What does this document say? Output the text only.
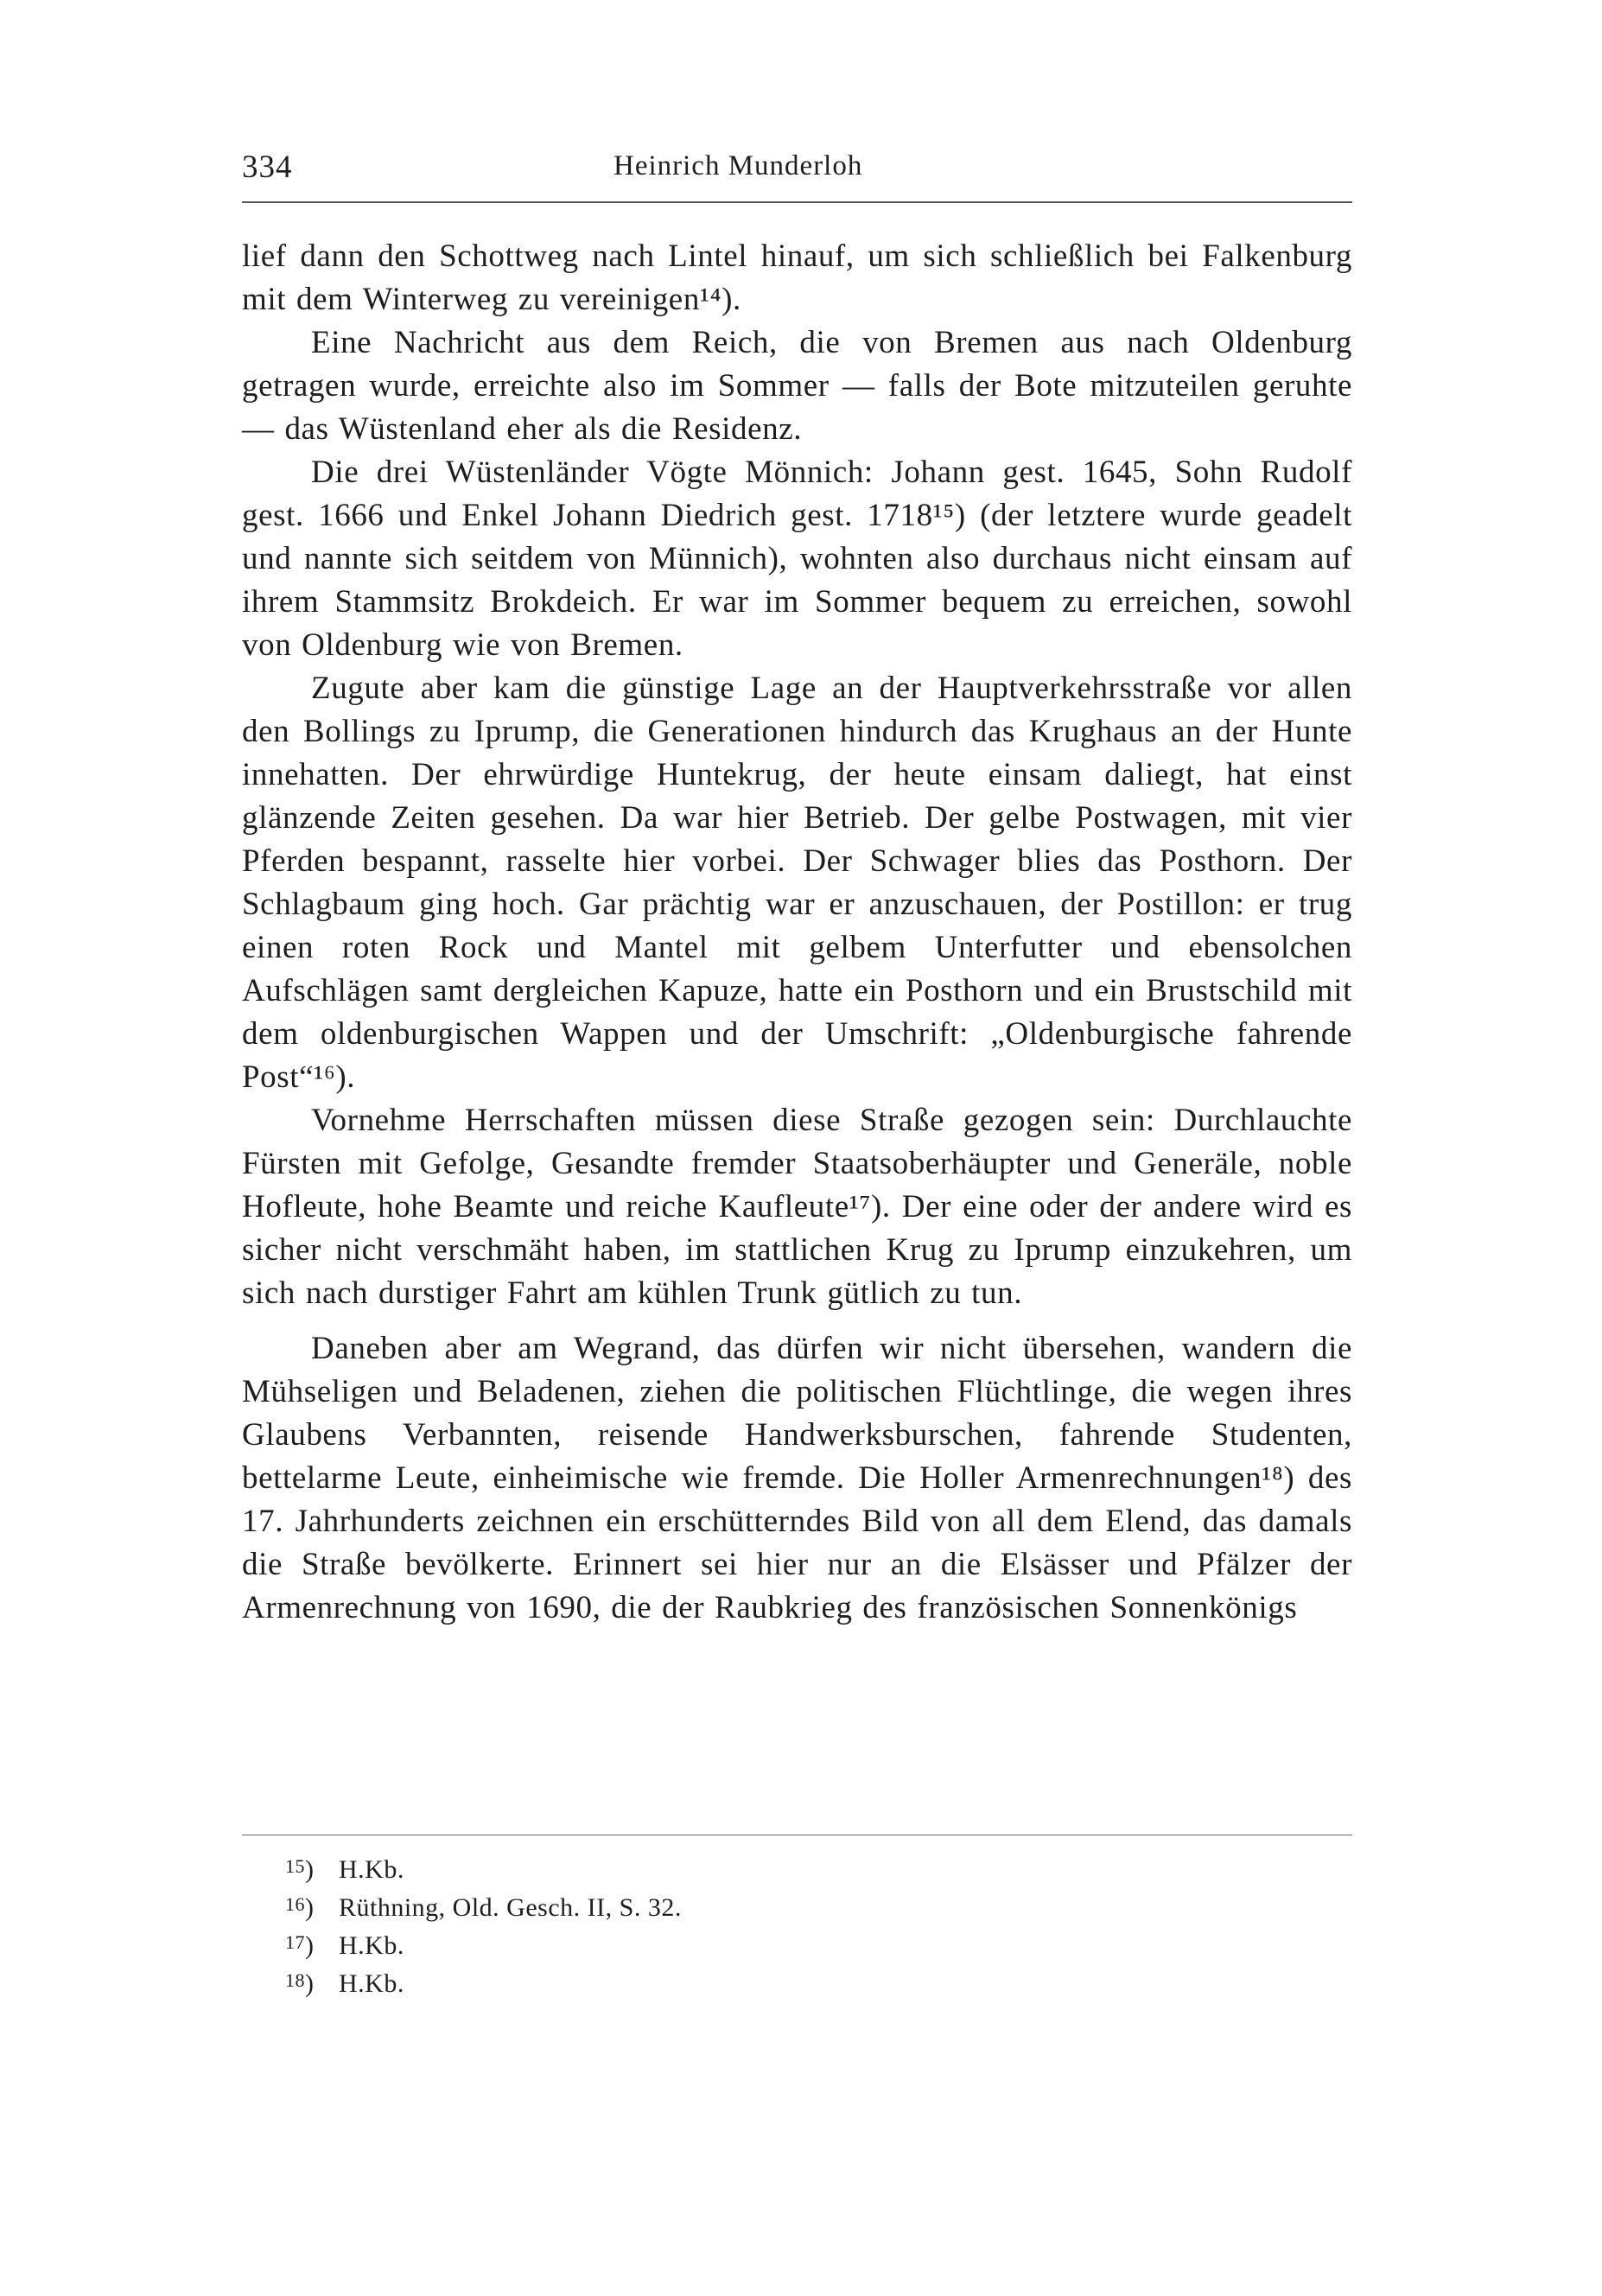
334	Heinrich Munderloh

lief dann den Schottweg nach Lintel hinauf, um sich schließlich bei Falkenburg mit dem Winterweg zu vereinigen¹⁴).

Eine Nachricht aus dem Reich, die von Bremen aus nach Oldenburg getragen wurde, erreichte also im Sommer — falls der Bote mitzuteilen geruhte — das Wüstenland eher als die Residenz.

Die drei Wüstenländer Vögte Mönnich: Johann gest. 1645, Sohn Rudolf gest. 1666 und Enkel Johann Diedrich gest. 1718¹⁵) (der letztere wurde geadelt und nannte sich seitdem von Münnich), wohnten also durchaus nicht einsam auf ihrem Stammsitz Brokdeich. Er war im Sommer bequem zu erreichen, sowohl von Oldenburg wie von Bremen.

Zugute aber kam die günstige Lage an der Hauptverkehrsstraße vor allen den Bollings zu Iprump, die Generationen hindurch das Krughaus an der Hunte innehatten. Der ehrwürdige Huntekrug, der heute einsam daliegt, hat einst glänzende Zeiten gesehen. Da war hier Betrieb. Der gelbe Postwagen, mit vier Pferden bespannt, rasselte hier vorbei. Der Schwager blies das Posthorn. Der Schlagbaum ging hoch. Gar prächtig war er anzuschauen, der Postillon: er trug einen roten Rock und Mantel mit gelbem Unterfutter und ebensolchen Aufschlägen samt dergleichen Kapuze, hatte ein Posthorn und ein Brustschild mit dem oldenburgischen Wappen und der Umschrift: „Oldenburgische fahrende Post“¹⁶).

Vornehme Herrschaften müssen diese Straße gezogen sein: Durchlauchte Fürsten mit Gefolge, Gesandte fremder Staatsoberhäupter und Generäle, noble Hofleute, hohe Beamte und reiche Kaufleute¹⁷). Der eine oder der andere wird es sicher nicht verschmäht haben, im stattlichen Krug zu Iprump einzukehren, um sich nach durstiger Fahrt am kühlen Trunk gütlich zu tun.

Daneben aber am Wegrand, das dürfen wir nicht übersehen, wandern die Mühseligen und Beladenen, ziehen die politischen Flüchtlinge, die wegen ihres Glaubens Verbannten, reisende Handwerksburschen, fahrende Studenten, bettelarme Leute, einheimische wie fremde. Die Holler Armenrechnungen¹⁸) des 17. Jahrhunderts zeichnen ein erschütterndes Bild von all dem Elend, das damals die Straße bevölkerte. Erinnert sei hier nur an die Elsässer und Pfälzer der Armenrechnung von 1690, die der Raubkrieg des französischen Sonnenkönigs

15) H.Kb.
16) Rüthning, Old. Gesch. II, S. 32.
17) H.Kb.
18) H.Kb.
